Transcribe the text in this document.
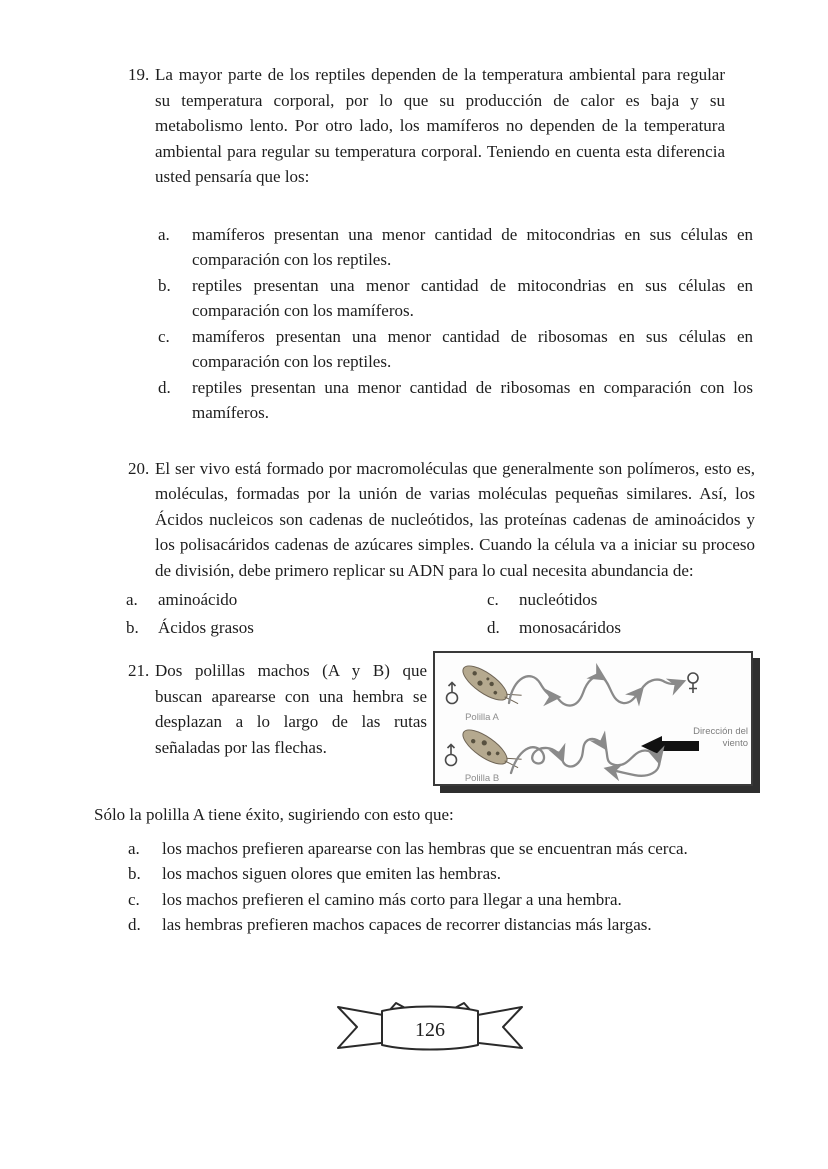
19. La mayor parte de los reptiles dependen de la temperatura ambiental para regular su temperatura corporal, por lo que su producción de calor es baja y su metabolismo lento. Por otro lado, los mamíferos no dependen de la temperatura ambiental para regular su temperatura corporal. Teniendo en cuenta esta diferencia usted pensaría que los:
a.	mamíferos presentan una menor cantidad de mitocondrias en sus células en comparación con los reptiles.
b.	reptiles presentan una menor cantidad de mitocondrias en sus células en comparación con los mamíferos.
c.	mamíferos presentan una menor cantidad de ribosomas en sus células en comparación con los reptiles.
d.	reptiles presentan una menor cantidad de ribosomas en comparación con los mamíferos.
20. El ser vivo está formado por macromoléculas que generalmente son polímeros, esto es, moléculas, formadas por la unión de varias moléculas pequeñas similares. Así, los Ácidos nucleicos son cadenas de nucleótidos, las proteínas cadenas de aminoácidos y los polisacáridos cadenas de azúcares simples. Cuando la célula va a iniciar su proceso de división, debe primero replicar su ADN para lo cual necesita abundancia de:
a.	aminoácido
b.	Ácidos grasos
c.	nucleótidos
d.	monosacáridos
21. Dos polillas machos (A y B) que buscan aparearse con una hembra se desplazan a lo largo de las rutas señaladas por las flechas.
Polilla A
Dirección del
viento
Polilla B

Sólo la polilla A tiene éxito, sugiriendo con esto que:

a.	los machos prefieren aparearse con las hembras que se encuentran más cerca.
b.	los machos siguen olores que emiten las hembras.
c.	los machos prefieren el camino más corto para llegar a una hembra.
d.	las hembras prefieren machos capaces de recorrer distancias más largas.
126
